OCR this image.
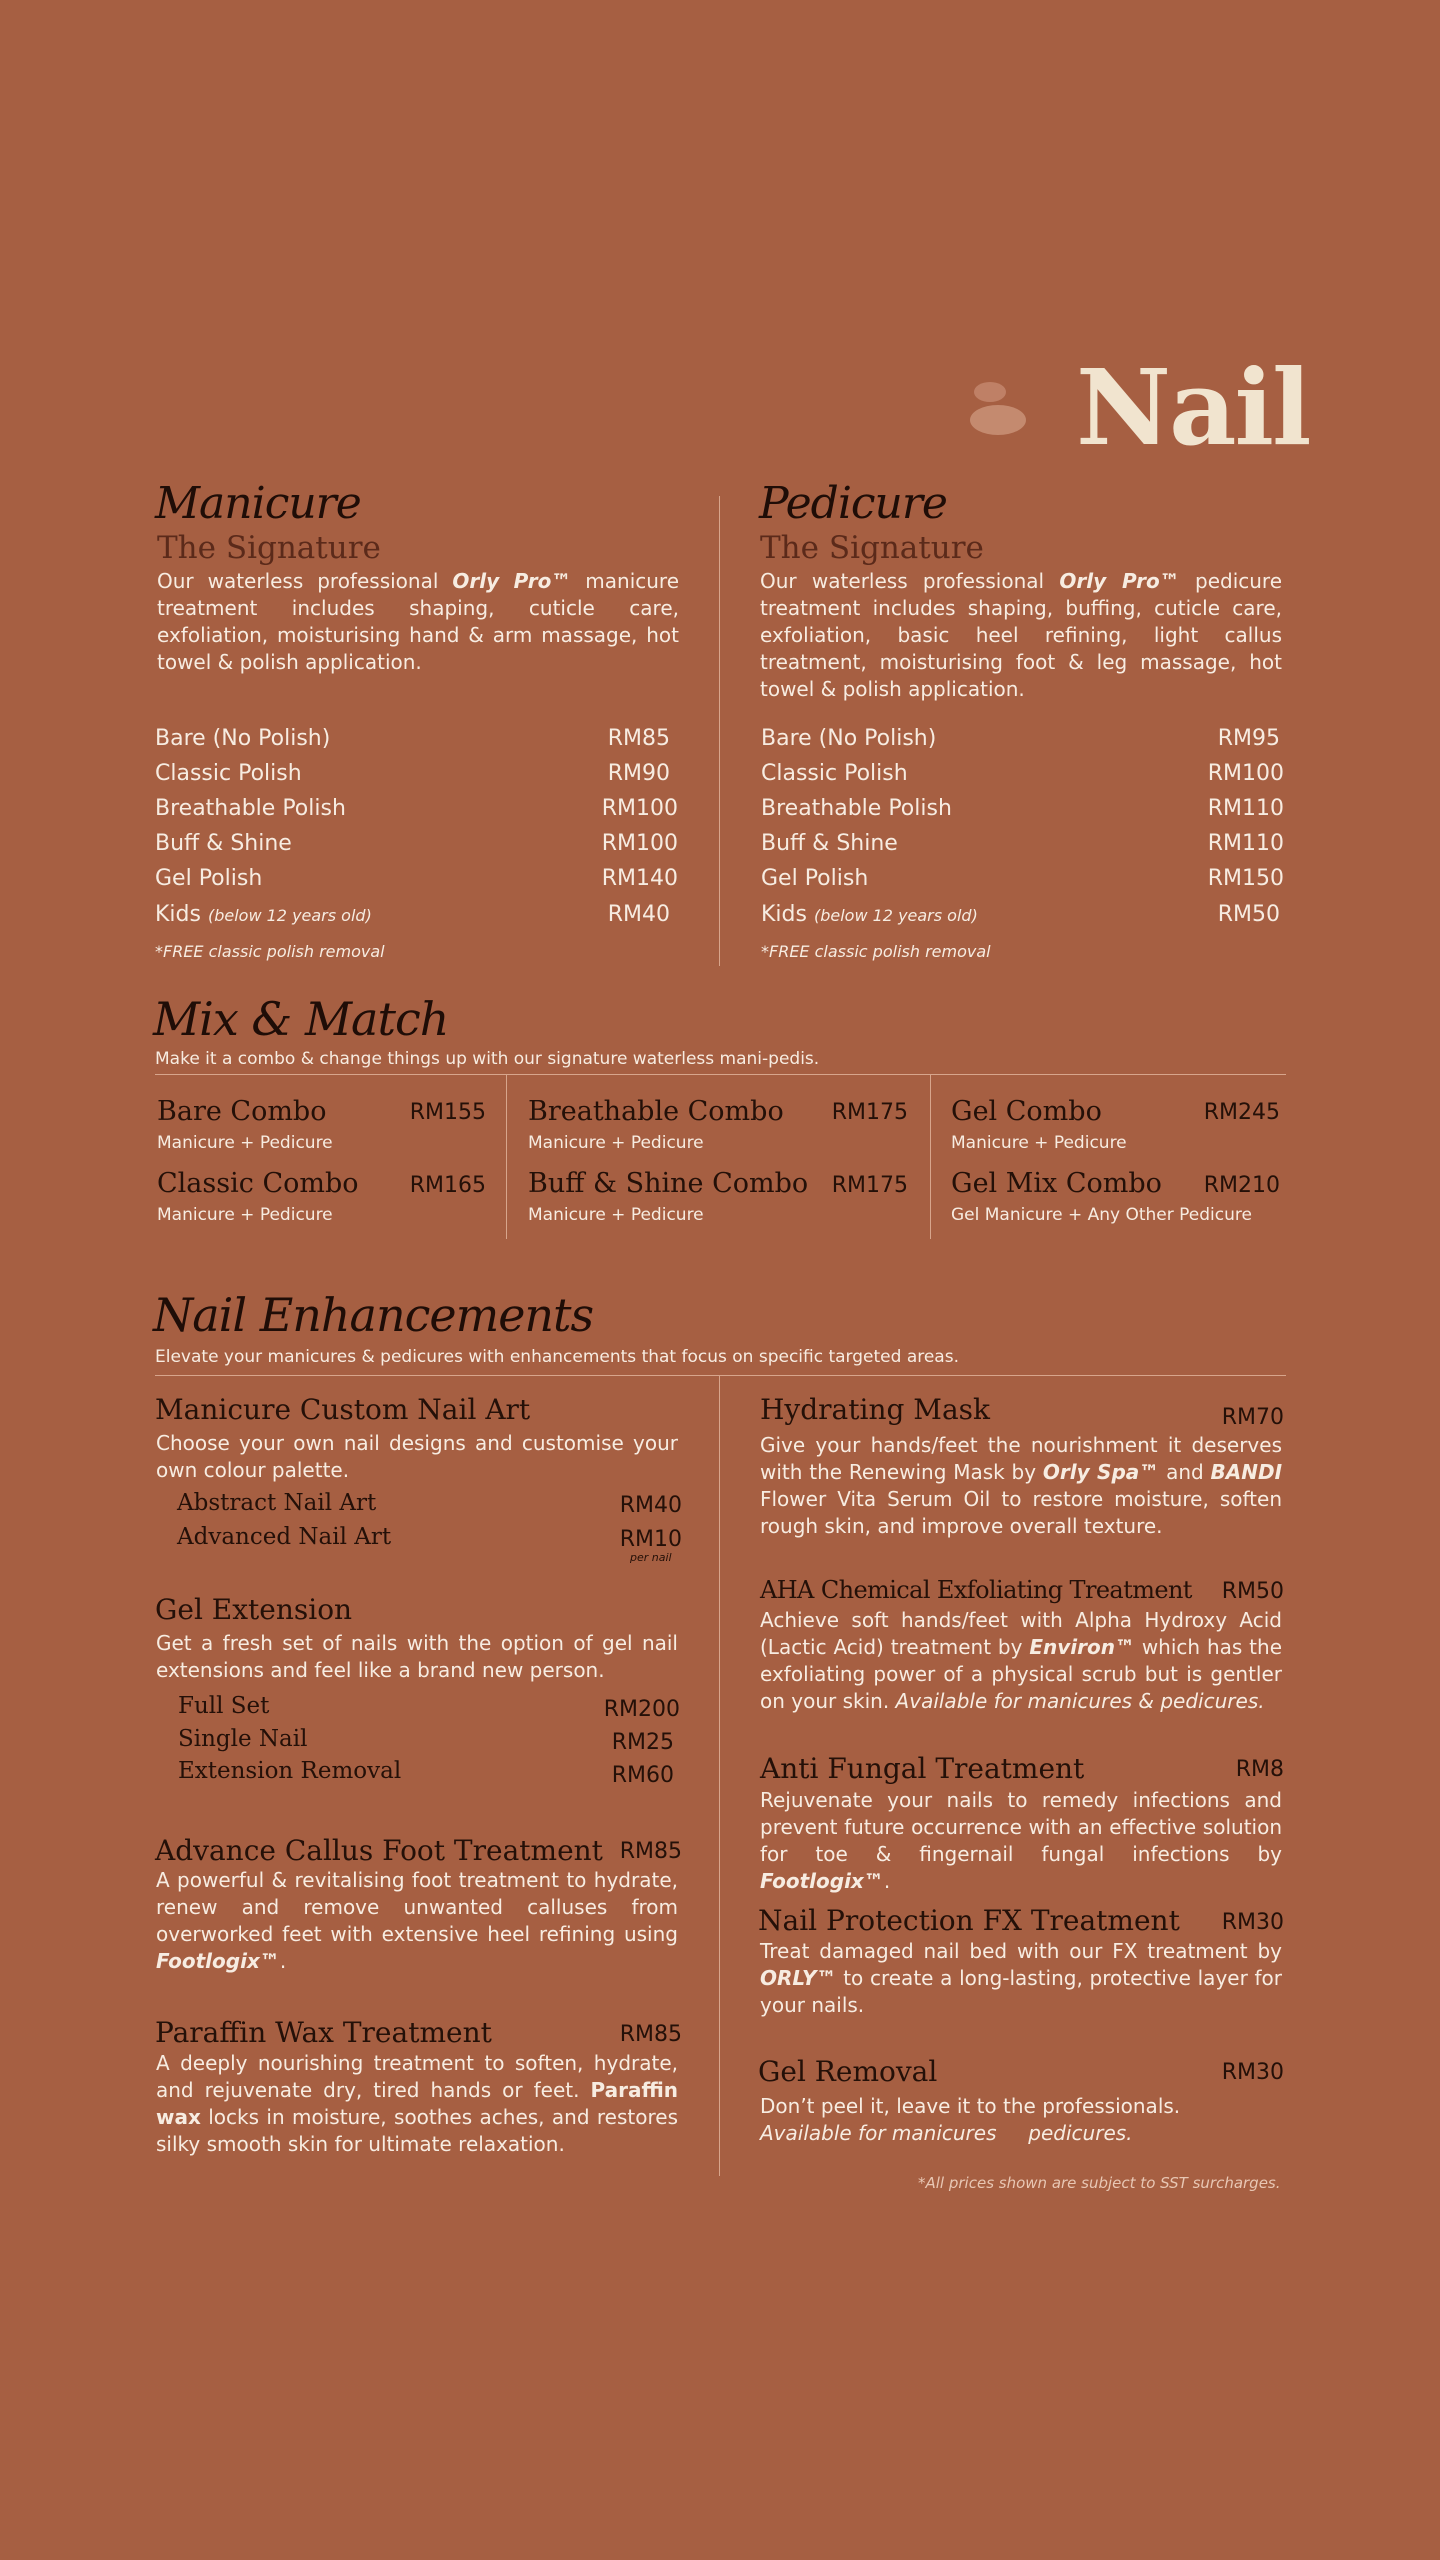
Nail
Manicure
The Signature
Our waterless professional Orly Pro™ manicure treatment includes shaping, cuticle care, exfoliation, moisturising hand & arm massage, hot towel & polish application.
Bare (No Polish)	RM85
Classic Polish	RM90
Breathable Polish	RM100
Buff & Shine	RM100
Gel Polish	RM140
Kids (below 12 years old)	RM40
*FREE classic polish removal
Pedicure
The Signature
Our waterless professional Orly Pro™ pedicure treatment includes shaping, buffing, cuticle care, exfoliation, basic heel refining, light callus treatment, moisturising foot & leg massage, hot towel & polish application.
Bare (No Polish)	RM95
Classic Polish	RM100
Breathable Polish	RM110
Buff & Shine	RM110
Gel Polish	RM150
Kids (below 12 years old)	RM50
*FREE classic polish removal
Mix & Match
Make it a combo & change things up with our signature waterless mani-pedis.
Bare Combo	RM155
Manicure + Pedicure
Classic Combo	RM165
Manicure + Pedicure
Breathable Combo	RM175
Manicure + Pedicure
Buff & Shine Combo	RM175
Manicure + Pedicure
Gel Combo	RM245
Manicure + Pedicure
Gel Mix Combo	RM210
Gel Manicure + Any Other Pedicure
Nail Enhancements
Elevate your manicures & pedicures with enhancements that focus on specific targeted areas.
Manicure Custom Nail Art
Choose your own nail designs and customise your own colour palette.
Abstract Nail Art	RM40
Advanced Nail Art	RM10
per nail
Gel Extension
Get a fresh set of nails with the option of gel nail extensions and feel like a brand new person.
Full Set	RM200
Single Nail	RM25
Extension Removal	RM60
Advance Callus Foot Treatment RM85
A powerful & revitalising foot treatment to hydrate, renew and remove unwanted calluses from overworked feet with extensive heel refining using Footlogix™.
Paraffin Wax Treatment	RM85
A deeply nourishing treatment to soften, hydrate, and rejuvenate dry, tired hands or feet. Paraffin wax locks in moisture, soothes aches, and restores silky smooth skin for ultimate relaxation.
Hydrating Mask	RM70
Give your hands/feet the nourishment it deserves with the Renewing Mask by Orly Spa™ and BANDI Flower Vita Serum Oil to restore moisture, soften rough skin, and improve overall texture.
AHA Chemical Exfoliating Treatment	RM50
Achieve soft hands/feet with Alpha Hydroxy Acid (Lactic Acid) treatment by Environ™ which has the exfoliating power of a physical scrub but is gentler on your skin. Available for manicures & pedicures.
Anti Fungal Treatment	RM8
Rejuvenate your nails to remedy infections and prevent future occurrence with an effective solution for toe & fingernail fungal infections by Footlogix™.
Nail Protection FX Treatment	RM30
Treat damaged nail bed with our FX treatment by ORLY™ to create a long-lasting, protective layer for your nails.
Gel Removal	RM30
Don’t peel it, leave it to the professionals.
Available for manicures     pedicures.
*All prices shown are subject to SST surcharges.
